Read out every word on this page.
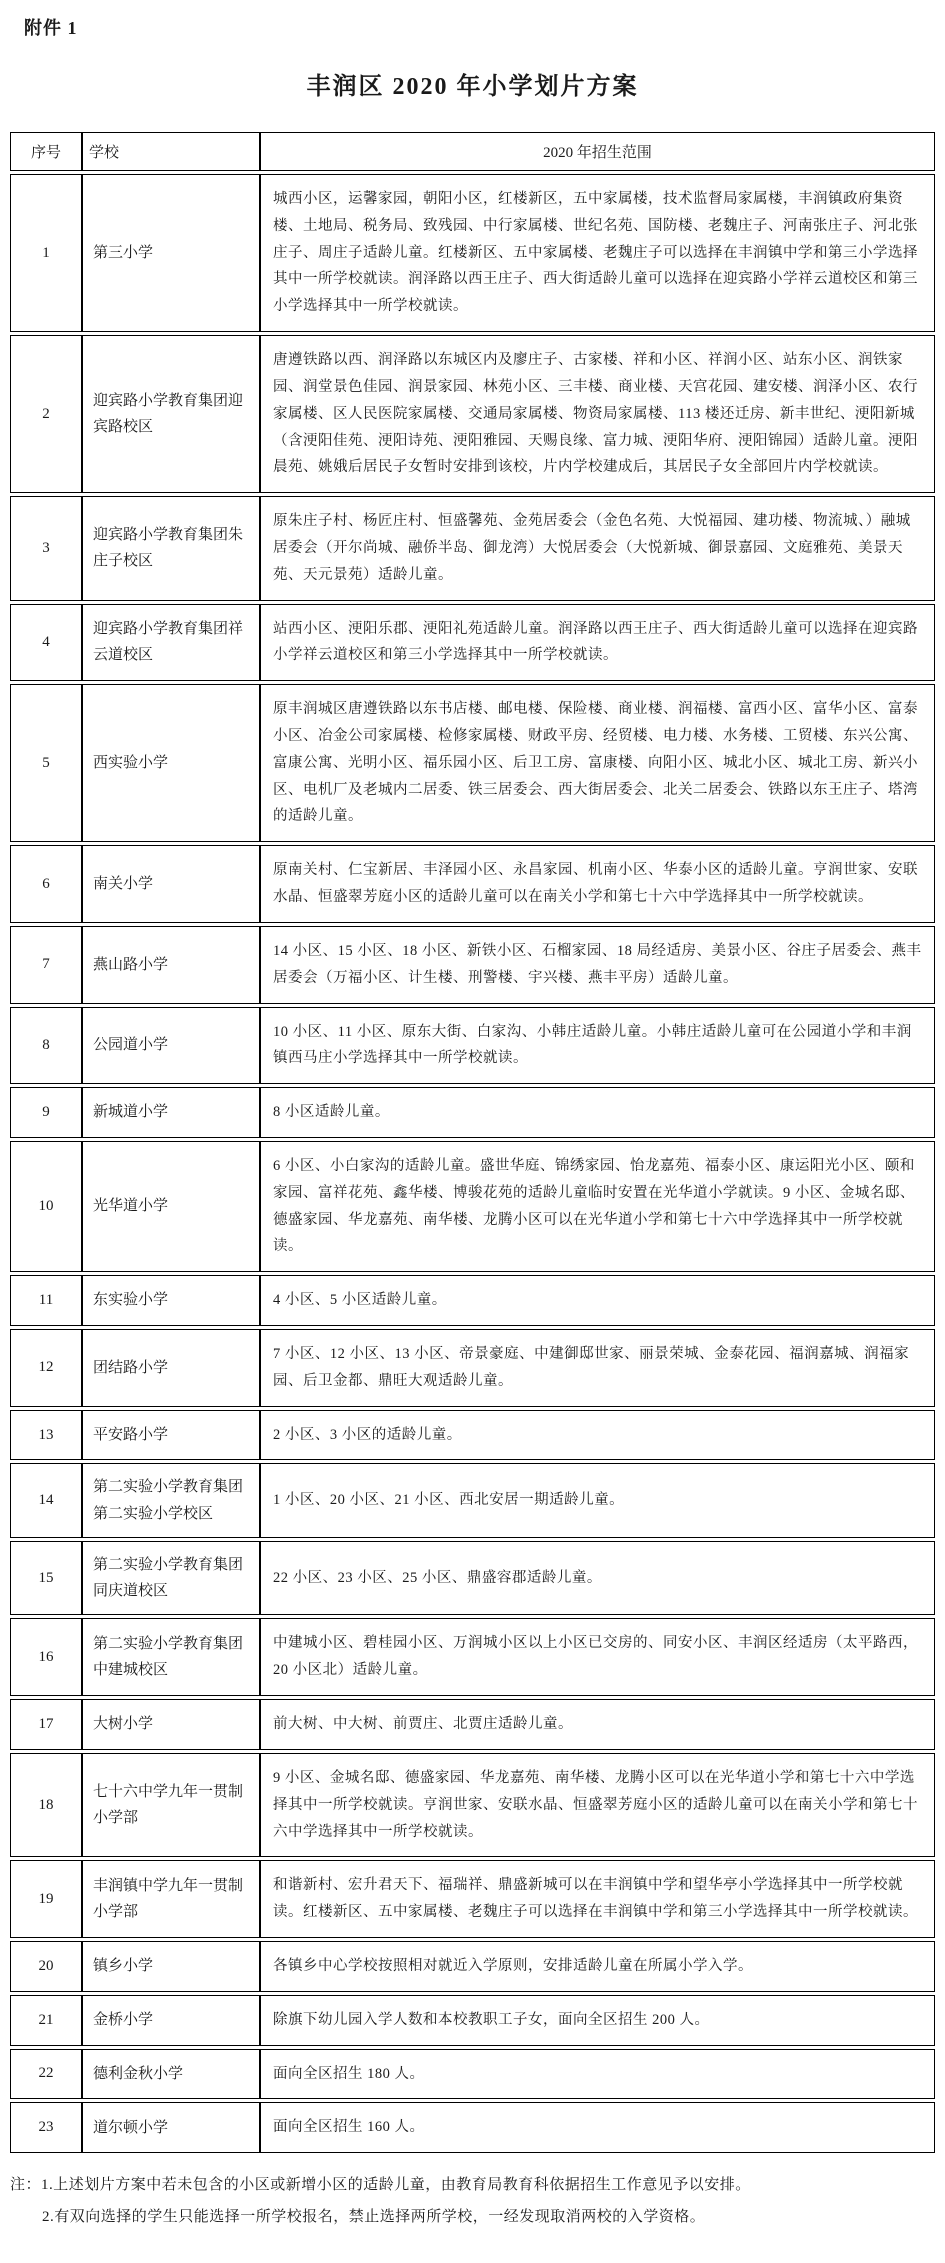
附件 1
丰润区 2020 年小学划片方案
序号	学校	2020 年招生范围
1	第三小学	城西小区，运馨家园，朝阳小区，红楼新区，五中家属楼，技术监督局家属楼，丰润镇政府集资楼、土地局、税务局、致残园、中行家属楼、世纪名苑、国防楼、老魏庄子、河南张庄子、河北张庄子、周庄子适龄儿童。红楼新区、五中家属楼、老魏庄子可以选择在丰润镇中学和第三小学选择其中一所学校就读。润泽路以西王庄子、西大街适龄儿童可以选择在迎宾路小学祥云道校区和第三小学选择其中一所学校就读。
2	迎宾路小学教育集团迎宾路校区	唐遵铁路以西、润泽路以东城区内及廖庄子、古家楼、祥和小区、祥润小区、站东小区、润铁家园、润堂景色佳园、润景家园、林苑小区、三丰楼、商业楼、天宫花园、建安楼、润泽小区、农行家属楼、区人民医院家属楼、交通局家属楼、物资局家属楼、113 楼还迁房、新丰世纪、浭阳新城（含浭阳佳苑、浭阳诗苑、浭阳雅园、天赐良缘、富力城、浭阳华府、浭阳锦园）适龄儿童。浭阳晨苑、姚娥后居民子女暂时安排到该校，片内学校建成后，其居民子女全部回片内学校就读。
3	迎宾路小学教育集团朱庄子校区	原朱庄子村、杨匠庄村、恒盛馨苑、金苑居委会（金色名苑、大悦福园、建功楼、物流城、）融城居委会（开尔尚城、融侨半岛、御龙湾）大悦居委会（大悦新城、御景嘉园、文庭雅苑、美景天苑、天元景苑）适龄儿童。
4	迎宾路小学教育集团祥云道校区	站西小区、浭阳乐郡、浭阳礼苑适龄儿童。润泽路以西王庄子、西大街适龄儿童可以选择在迎宾路小学祥云道校区和第三小学选择其中一所学校就读。
5	西实验小学	原丰润城区唐遵铁路以东书店楼、邮电楼、保险楼、商业楼、润福楼、富西小区、富华小区、富泰小区、冶金公司家属楼、检修家属楼、财政平房、经贸楼、电力楼、水务楼、工贸楼、东兴公寓、富康公寓、光明小区、福乐园小区、后卫工房、富康楼、向阳小区、城北小区、城北工房、新兴小区、电机厂及老城内二居委、铁三居委会、西大街居委会、北关二居委会、铁路以东王庄子、塔湾的适龄儿童。
6	南关小学	原南关村、仁宝新居、丰泽园小区、永昌家园、机南小区、华泰小区的适龄儿童。亨润世家、安联水晶、恒盛翠芳庭小区的适龄儿童可以在南关小学和第七十六中学选择其中一所学校就读。
7	燕山路小学	14 小区、15 小区、18 小区、新铁小区、石榴家园、18 局经适房、美景小区、谷庄子居委会、燕丰居委会（万福小区、计生楼、刑警楼、宇兴楼、燕丰平房）适龄儿童。
8	公园道小学	10 小区、11 小区、原东大街、白家沟、小韩庄适龄儿童。小韩庄适龄儿童可在公园道小学和丰润镇西马庄小学选择其中一所学校就读。
9	新城道小学	8 小区适龄儿童。
10	光华道小学	6 小区、小白家沟的适龄儿童。盛世华庭、锦绣家园、怡龙嘉苑、福泰小区、康运阳光小区、颐和家园、富祥花苑、鑫华楼、博骏花苑的适龄儿童临时安置在光华道小学就读。9 小区、金城名邸、德盛家园、华龙嘉苑、南华楼、龙腾小区可以在光华道小学和第七十六中学选择其中一所学校就读。
11	东实验小学	4 小区、5 小区适龄儿童。
12	团结路小学	7 小区、12 小区、13 小区、帝景豪庭、中建御邸世家、丽景荣城、金泰花园、福润嘉城、润福家园、后卫金都、鼎旺大观适龄儿童。
13	平安路小学	2 小区、3 小区的适龄儿童。
14	第二实验小学教育集团第二实验小学校区	1 小区、20 小区、21 小区、西北安居一期适龄儿童。
15	第二实验小学教育集团同庆道校区	22 小区、23 小区、25 小区、鼎盛容郡适龄儿童。
16	第二实验小学教育集团中建城校区	中建城小区、碧桂园小区、万润城小区以上小区已交房的、同安小区、丰润区经适房（太平路西，20 小区北）适龄儿童。
17	大树小学	前大树、中大树、前贾庄、北贾庄适龄儿童。
18	七十六中学九年一贯制小学部	9 小区、金城名邸、德盛家园、华龙嘉苑、南华楼、龙腾小区可以在光华道小学和第七十六中学选择其中一所学校就读。亨润世家、安联水晶、恒盛翠芳庭小区的适龄儿童可以在南关小学和第七十六中学选择其中一所学校就读。
19	丰润镇中学九年一贯制小学部	和谐新村、宏升君天下、福瑞祥、鼎盛新城可以在丰润镇中学和望华亭小学选择其中一所学校就读。红楼新区、五中家属楼、老魏庄子可以选择在丰润镇中学和第三小学选择其中一所学校就读。
20	镇乡小学	各镇乡中心学校按照相对就近入学原则，安排适龄儿童在所属小学入学。
21	金桥小学	除旗下幼儿园入学人数和本校教职工子女，面向全区招生 200 人。
22	德利金秋小学	面向全区招生 180 人。
23	道尔顿小学	面向全区招生 160 人。

注：1.上述划片方案中若未包含的小区或新增小区的适龄儿童，由教育局教育科依据招生工作意见予以安排。

2.有双向选择的学生只能选择一所学校报名，禁止选择两所学校，一经发现取消两校的入学资格。
